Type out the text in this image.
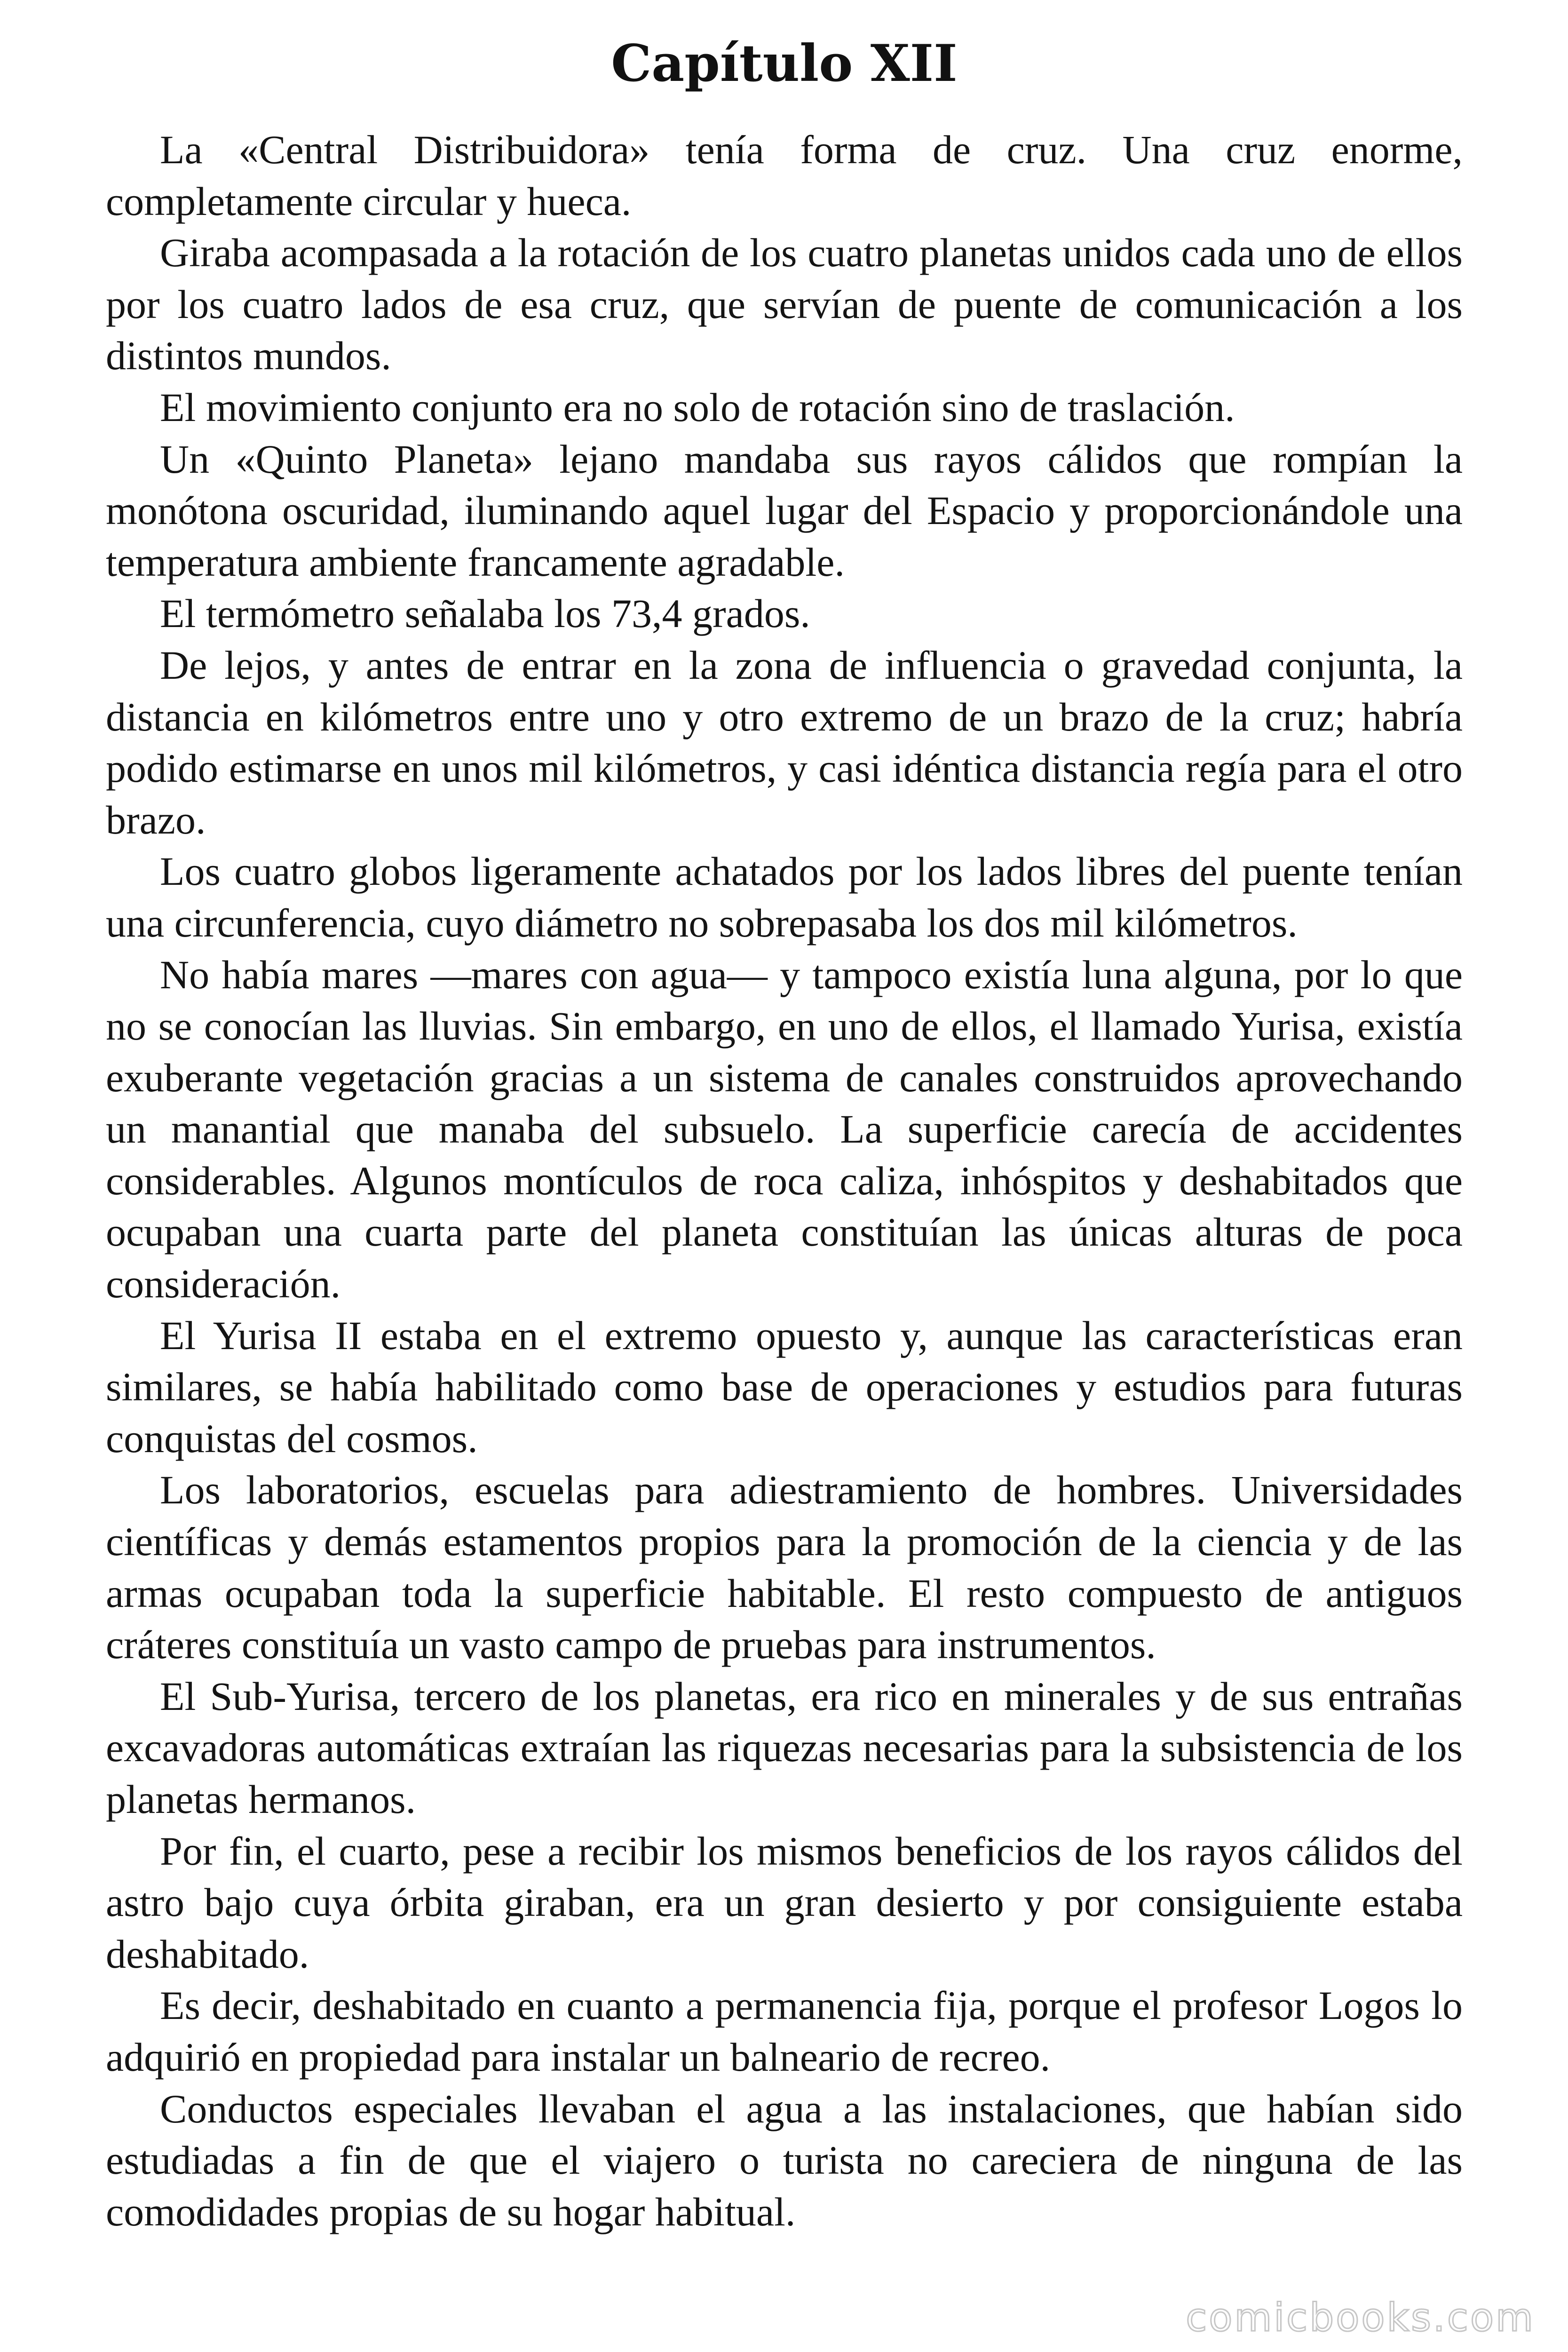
Capítulo XII

La «Central Distribuidora» tenía forma de cruz. Una cruz enorme, completamente circular y hueca.

Giraba acompasada a la rotación de los cuatro planetas unidos cada uno de ellos por los cuatro lados de esa cruz, que servían de puente de comunicación a los distintos mundos.

El movimiento conjunto era no solo de rotación sino de traslación.

Un «Quinto Planeta» lejano mandaba sus rayos cálidos que rompían la monótona oscuridad, iluminando aquel lugar del Espacio y proporcionándole una temperatura ambiente francamente agradable.

El termómetro señalaba los 73,4 grados.

De lejos, y antes de entrar en la zona de influencia o gravedad conjunta, la distancia en kilómetros entre uno y otro extremo de un brazo de la cruz; habría podido estimarse en unos mil kilómetros, y casi idéntica distancia regía para el otro brazo.

Los cuatro globos ligeramente achatados por los lados libres del puente tenían una circunferencia, cuyo diámetro no sobrepasaba los dos mil kilómetros.

No había mares —mares con agua— y tampoco existía luna alguna, por lo que no se conocían las lluvias. Sin embargo, en uno de ellos, el llamado Yurisa, existía exuberante vegetación gracias a un sistema de canales construidos aprovechando un manantial que manaba del subsuelo. La superficie carecía de accidentes considerables. Algunos montículos de roca caliza, inhóspitos y deshabitados que ocupaban una cuarta parte del planeta constituían las únicas alturas de poca consideración.

El Yurisa II estaba en el extremo opuesto y, aunque las características eran similares, se había habilitado como base de operaciones y estudios para futuras conquistas del cosmos.

Los laboratorios, escuelas para adiestramiento de hombres. Universidades científicas y demás estamentos propios para la promoción de la ciencia y de las armas ocupaban toda la superficie habitable. El resto compuesto de antiguos cráteres constituía un vasto campo de pruebas para instrumentos.

El Sub-Yurisa, tercero de los planetas, era rico en minerales y de sus entrañas excavadoras automáticas extraían las riquezas necesarias para la subsistencia de los planetas hermanos.

Por fin, el cuarto, pese a recibir los mismos beneficios de los rayos cálidos del astro bajo cuya órbita giraban, era un gran desierto y por consiguiente estaba deshabitado.

Es decir, deshabitado en cuanto a permanencia fija, porque el profesor Logos lo adquirió en propiedad para instalar un balneario de recreo.

Conductos especiales llevaban el agua a las instalaciones, que habían sido estudiadas a fin de que el viajero o turista no careciera de ninguna de las comodidades propias de su hogar habitual.

comicbooks.com
